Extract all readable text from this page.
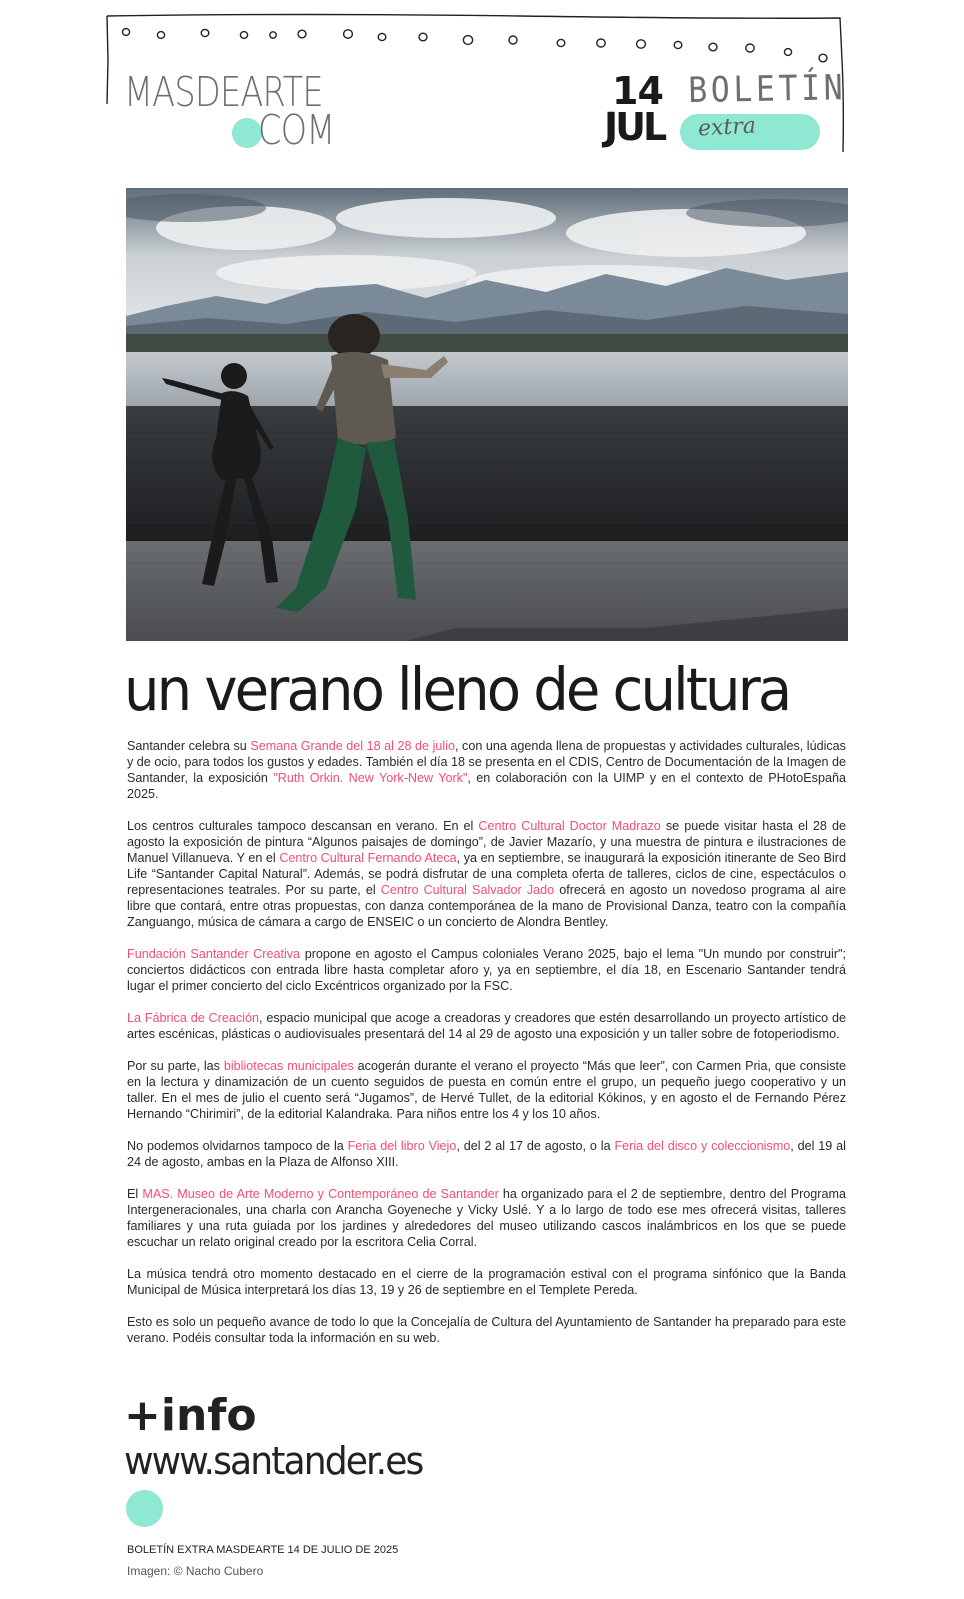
MASDEARTE
COM
14
JUL
BOLETÍN
extra
un verano lleno de cultura

Santander celebra su Semana Grande del 18 al 28 de julio, con una agenda llena de propuestas y actividades culturales, lúdicas y de ocio, para todos los gustos y edades. También el día 18 se presenta en el CDIS, Centro de Documentación de la Imagen de Santander, la exposición "Ruth Orkin. New York-New York", en colaboración con la UIMP y en el contexto de PHotoEspaña 2025.

Los centros culturales tampoco descansan en verano. En el Centro Cultural Doctor Madrazo se puede visitar hasta el 28 de agosto la exposición de pintura “Algunos paisajes de domingo”, de Javier Mazarío, y una muestra de pintura e ilustraciones de Manuel Villanueva. Y en el Centro Cultural Fernando Ateca, ya en septiembre, se inaugurará la exposición itinerante de Seo Bird Life “Santander Capital Natural”. Además, se podrá disfrutar de una completa oferta de talleres, ciclos de cine, espectáculos o representaciones teatrales. Por su parte, el Centro Cultural Salvador Jado ofrecerá en agosto un novedoso programa al aire libre que contará, entre otras propuestas, con danza contemporánea de la mano de Provisional Danza, teatro con la compañía Zanguango, música de cámara a cargo de ENSEIC o un concierto de Alondra Bentley.

Fundación Santander Creativa propone en agosto el Campus coloniales Verano 2025, bajo el lema "Un mundo por construir"; conciertos didácticos con entrada libre hasta completar aforo y, ya en septiembre, el día 18, en Escenario Santander tendrá lugar el primer concierto del ciclo Excéntricos organizado por la FSC.

La Fábrica de Creación, espacio municipal que acoge a creadoras y creadores que estén desarrollando un proyecto artístico de artes escénicas, plásticas o audiovisuales presentará del 14 al 29 de agosto una exposición y un taller sobre de fotoperiodismo.

Por su parte, las bibliotecas municipales acogerán durante el verano el proyecto “Más que leer”, con Carmen Pria, que consiste en la lectura y dinamización de un cuento seguidos de puesta en común entre el grupo, un pequeño juego cooperativo y un taller. En el mes de julio el cuento será “Jugamos”, de Hervé Tullet, de la editorial Kókinos, y en agosto el de Fernando Pérez Hernando “Chirimiri”, de la editorial Kalandraka. Para niños entre los 4 y los 10 años.

No podemos olvidarnos tampoco de la Feria del libro Viejo, del 2 al 17 de agosto, o la Feria del disco y coleccionismo, del 19 al 24 de agosto, ambas en la Plaza de Alfonso XIII.

El MAS. Museo de Arte Moderno y Contemporáneo de Santander ha organizado para el 2 de septiembre, dentro del Programa Intergeneracionales, una charla con Arancha Goyeneche y Vicky Uslé. Y a lo largo de todo ese mes ofrecerá visitas, talleres familiares y una ruta guiada por los jardines y alrededores del museo utilizando cascos inalámbricos en los que se puede escuchar un relato original creado por la escritora Celia Corral.

La música tendrá otro momento destacado en el cierre de la programación estival con el programa sinfónico que la Banda Municipal de Música interpretará los días 13, 19 y 26 de septiembre en el Templete Pereda.

Esto es solo un pequeño avance de todo lo que la Concejalía de Cultura del Ayuntamiento de Santander ha preparado para este verano. Podéis consultar toda la información en su web.

+info
www.santander.es
BOLETÍN EXTRA MASDEARTE 14 DE JULIO DE 2025
Imagen: © Nacho Cubero
